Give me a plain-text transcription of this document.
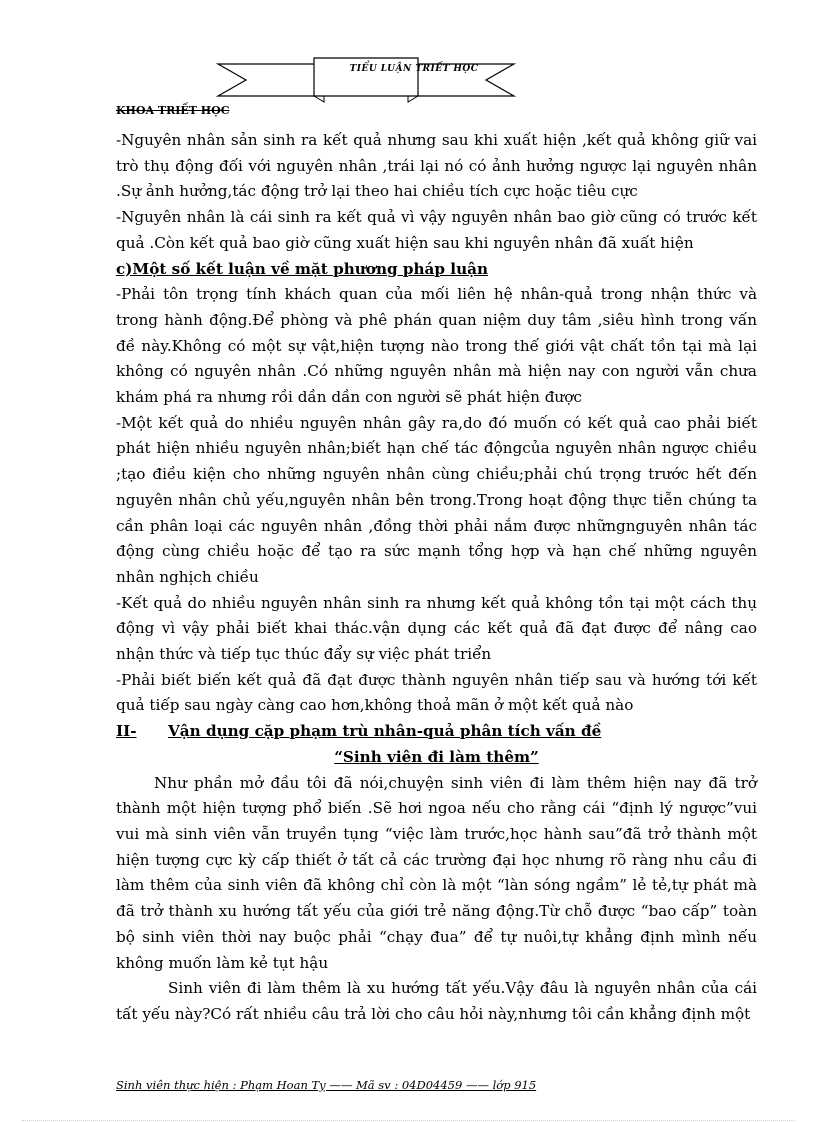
TIỂU LUẬN TRIẾT HỌC
KHOA TRIẾT HỌC

-Nguyên nhân sản sinh ra kết quả nhưng sau khi xuất hiện ,kết quả không giữ vai trò thụ động đối với nguyên nhân ,trái lại nó có ảnh hưởng ngược lại nguyên nhân .Sự ảnh hưởng,tác động trở lại theo hai chiều tích cực hoặc tiêu cực

-Nguyên nhân là cái sinh ra kết quả vì vậy nguyên nhân bao giờ cũng có trước kết quả .Còn kết quả bao giờ cũng xuất hiện sau khi nguyên nhân đã xuất hiện

c)Một số kết luận về mặt phương pháp luận

-Phải tôn trọng tính khách quan của mối liên hệ nhân-quả trong nhận thức và trong hành động.Để phòng và phê phán quan niệm duy tâm ,siêu hình trong vấn đề này.Không có một sự vật,hiện tượng nào trong thế giới vật chất tồn tại mà lại không có nguyên nhân .Có những nguyên nhân mà hiện nay con người vẫn chưa khám phá ra nhưng rồi dần dần con người sẽ phát hiện được

-Một kết quả do nhiều nguyên nhân gây ra,do đó muốn có kết quả cao phải biết phát hiện nhiều nguyên nhân;biết hạn chế tác độngcủa nguyên nhân ngược chiều ;tạo điều kiện cho những nguyên nhân cùng chiều;phải chú trọng trước hết đến nguyên nhân chủ yếu,nguyên nhân bên trong.Trong hoạt động thực tiễn chúng ta cần phân loại các nguyên nhân ,đồng thời phải nắm được nhữngnguyên nhân tác động cùng chiều hoặc để tạo ra sức mạnh tổng hợp và hạn chế những nguyên nhân nghịch chiều

-Kết quả do nhiều nguyên nhân sinh ra nhưng kết quả không tồn tại một cách thụ động vì vậy phải biết khai thác.vận dụng các kết quả đã đạt được để nâng cao nhận thức và tiếp tục thúc đẩy sự việc phát triển

-Phải biết biến kết quả đã đạt được thành nguyên nhân tiếp sau và hướng tới kết quả tiếp sau ngày càng cao hơn,không thoả mãn ở một kết quả nào

II-	Vận dụng cặp phạm trù nhân-quả phân tích vấn đề

“Sinh viên đi làm thêm”

Như phần mở đầu tôi đã nói,chuyện sinh viên đi làm thêm hiện nay đã trở thành một hiện tượng phổ biến .Sẽ hơi ngoa nếu cho rằng cái “định lý ngược”vui vui mà sinh viên vẫn truyền tụng “việc làm trước,học hành sau”đã trở thành một hiện tượng cực kỳ cấp thiết ở tất cả các trường đại học nhưng rõ ràng nhu cầu đi làm thêm của sinh viên đã không chỉ còn là một “làn sóng ngầm” lẻ tẻ,tự phát mà đã trở thành xu hướng tất yếu của giới trẻ năng động.Từ chỗ được “bao cấp” toàn bộ sinh viên thời nay buộc phải “chạy đua” để tự nuôi,tự khẳng định mình nếu không muốn làm kẻ tụt hậu

Sinh viên đi làm thêm là xu hướng tất yếu.Vậy đâu là nguyên nhân của cái tất yếu này?Có rất nhiều câu trả lời cho câu hỏi này,nhưng tôi cần khẳng định một

Sinh viên thực hiện : Phạm Hoan Tỵ —— Mã sv : 04D04459 —— lớp 915
